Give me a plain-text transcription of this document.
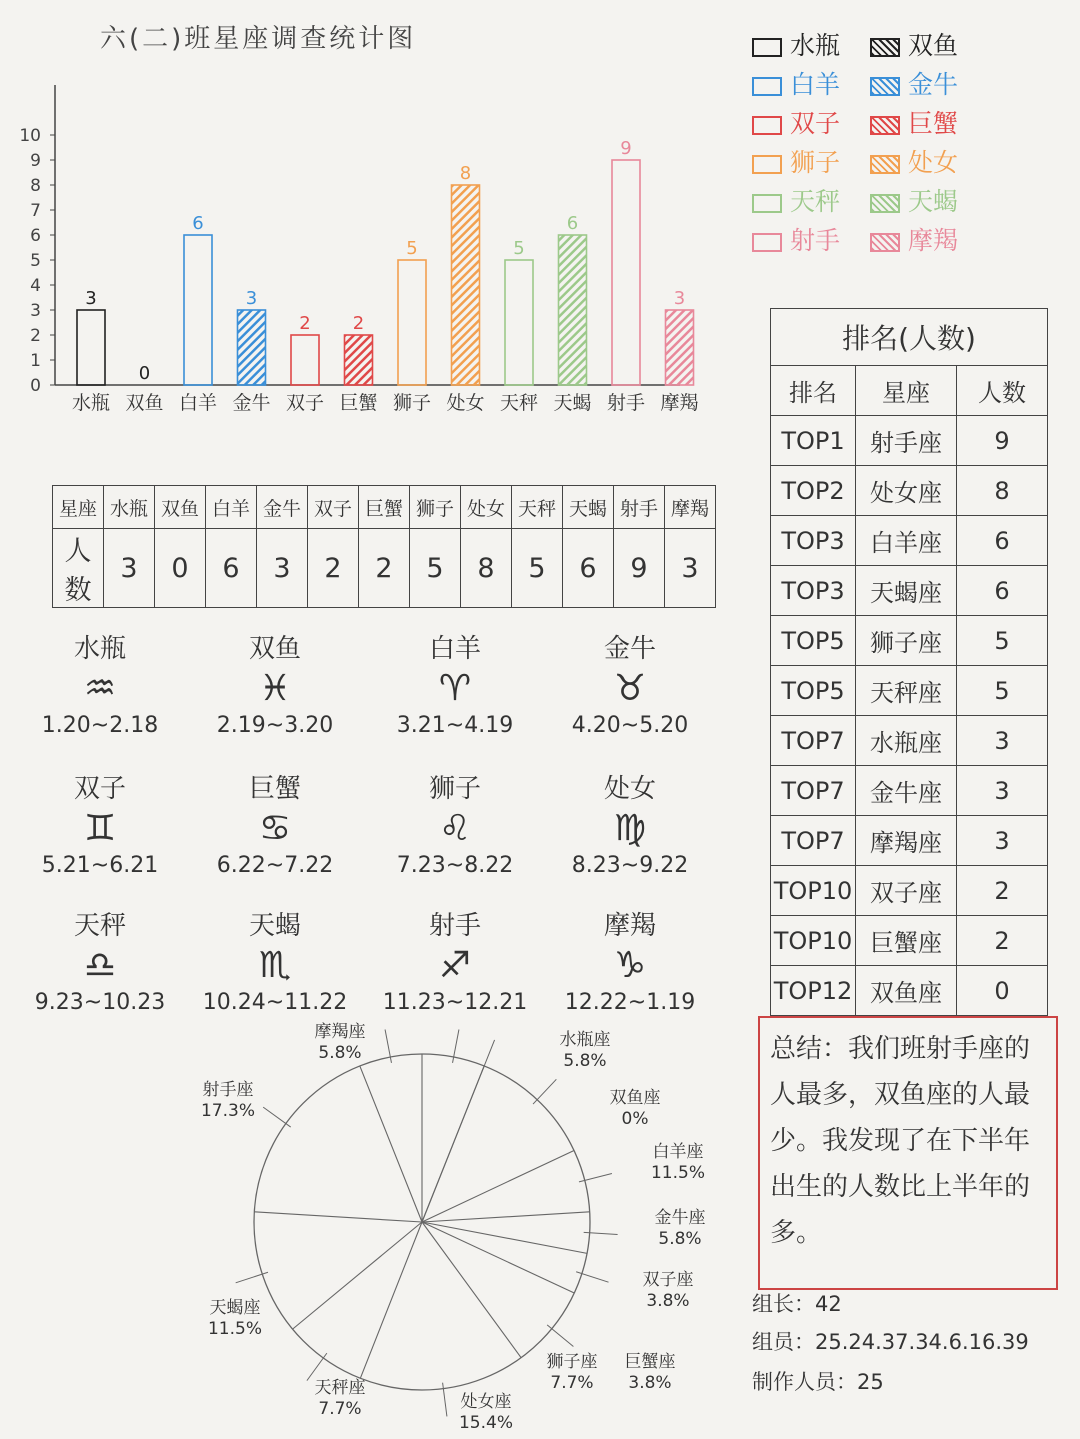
六(二)班星座调查统计图
0
1
2
3
4
5
6
7
8
9
10
3
水瓶
0
双鱼
6
白羊
3
金牛
2
双子
2
巨蟹
5
狮子
8
处女
5
天秤
6
天蝎
9
射手
3
摩羯
水瓶	双鱼
白羊	金牛
双子	巨蟹
狮子	处女
天秤	天蝎
射手	摩羯
星座	水瓶	双鱼	白羊	金牛	双子	巨蟹	狮子	处女	天秤	天蝎	射手	摩羯
人数	3	0	6	3	2	2	5	8	5	6	9	3
水瓶
♒
1.20~2.18
双鱼
♓
2.19~3.20
白羊
♈
3.21~4.19
金牛
♉
4.20~5.20
双子
♊
5.21~6.21
巨蟹
♋
6.22~7.22
狮子
♌
7.23~8.22
处女
♍
8.23~9.22
天秤
♎
9.23~10.23
天蝎
♏
10.24~11.22
射手
♐
11.23~12.21
摩羯
♑
12.22~1.19
排名(人数)		
排名	星座	人数
TOP1	射手座	9
TOP2	处女座	8
TOP3	白羊座	6
TOP3	天蝎座	6
TOP5	狮子座	5
TOP5	天秤座	5
TOP7	水瓶座	3
TOP7	金牛座	3
TOP7	摩羯座	3
TOP10	双子座	2
TOP10	巨蟹座	2
TOP12	双鱼座	0
水瓶座
5.8%
双鱼座
0%
白羊座
11.5%
金牛座
5.8%
双子座
3.8%
巨蟹座
3.8%
狮子座
7.7%
处女座
15.4%
天秤座
7.7%
天蝎座
11.5%
射手座
17.3%
摩羯座
5.8%	总结：我们班射手座的人最多，双鱼座的人最少。我发现了在下半年出生的人数比上半年的多。
组长：42
组员：25.24.37.34.6.16.39
制作人员：25
